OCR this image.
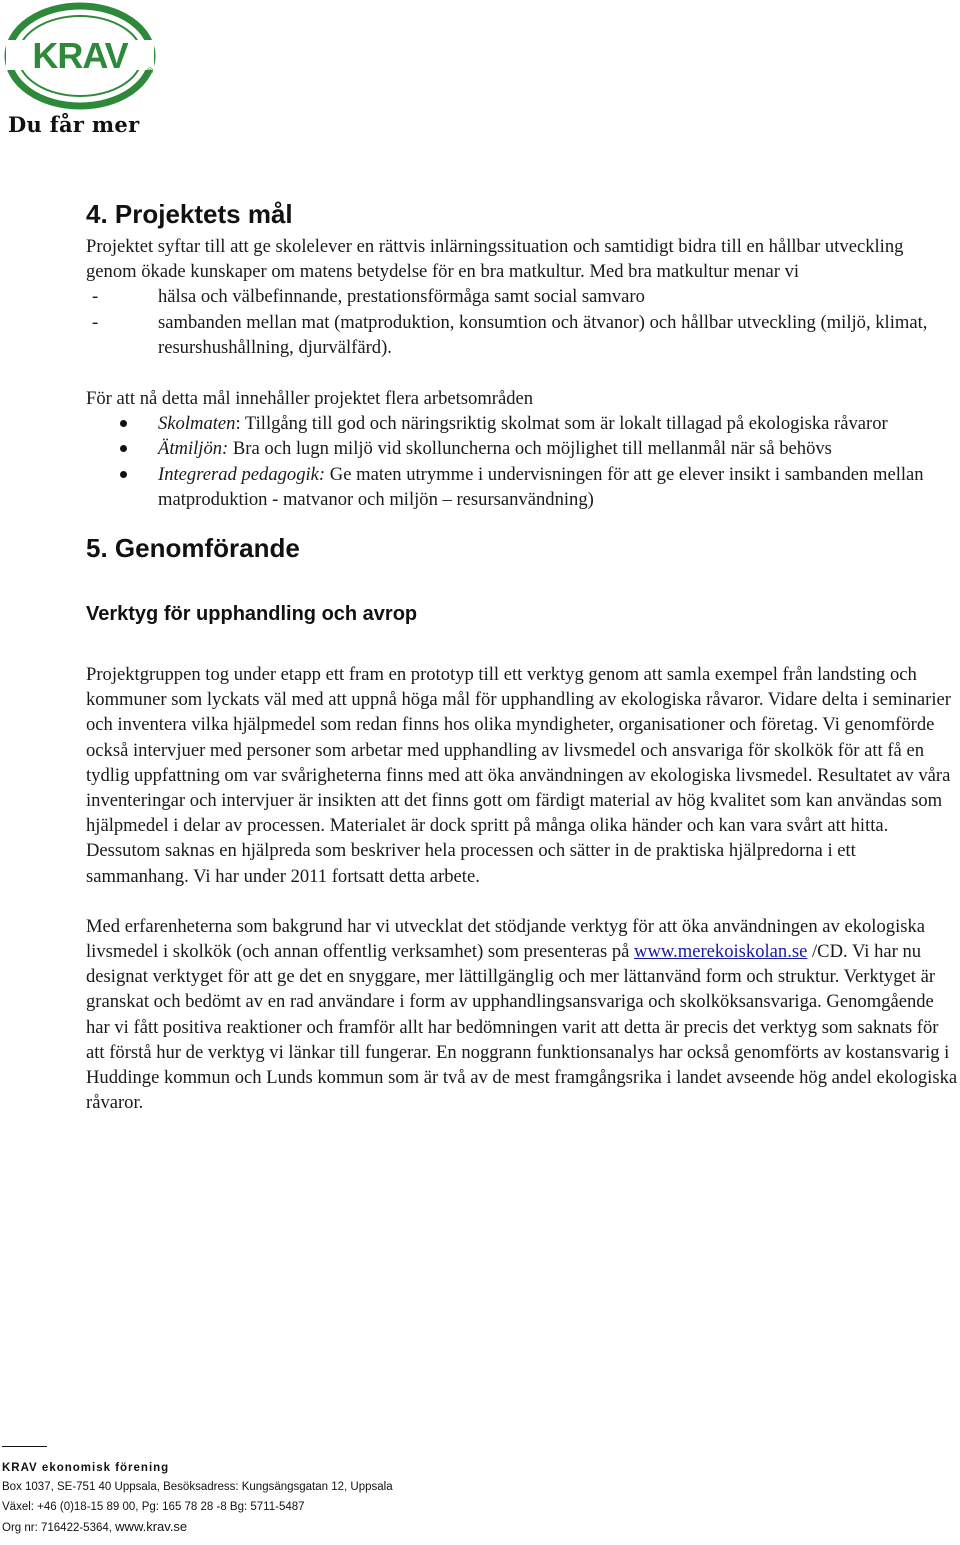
KRAV ®
Du får mer
4. Projektets mål

Projektet syftar till att ge skolelever en rättvis inlärningssituation och samtidigt bidra till en hållbar utveckling genom ökade kunskaper om matens betydelse för en bra matkultur. Med bra matkultur menar vi

-	hälsa och välbefinnande, prestationsförmåga samt social samvaro
-	sambanden mellan mat (matproduktion, konsumtion och ätvanor) och hållbar utveckling (miljö, klimat, resurshushållning, djurvälfärd).

För att nå detta mål innehåller projektet flera arbetsområden

Skolmaten: Tillgång till god och näringsriktig skolmat som är lokalt tillagad på ekologiska råvaror
Ätmiljön: Bra och lugn miljö vid skolluncherna och möjlighet till mellanmål när så behövs
Integrerad pedagogik: Ge maten utrymme i undervisningen för att ge elever insikt i sambanden mellan matproduktion - matvanor och miljön – resursanvändning)
5. Genomförande
Verktyg för upphandling och avrop

Projektgruppen tog under etapp ett fram en prototyp till ett verktyg genom att samla exempel från landsting och kommuner som lyckats väl med att uppnå höga mål för upphandling av ekologiska råvaror. Vidare delta i seminarier och inventera vilka hjälpmedel som redan finns hos olika myndigheter, organisationer och företag. Vi genomförde också intervjuer med personer som arbetar med upphandling av livsmedel och ansvariga för skolkök för att få en tydlig uppfattning om var svårigheterna finns med att öka användningen av ekologiska livsmedel. Resultatet av våra inventeringar och intervjuer är insikten att det finns gott om färdigt material av hög kvalitet som kan användas som hjälpmedel i delar av processen. Materialet är dock spritt på många olika händer och kan vara svårt att hitta. Dessutom saknas en hjälpreda som beskriver hela processen och sätter in de praktiska hjälpredorna i ett sammanhang. Vi har under 2011 fortsatt detta arbete.

Med erfarenheterna som bakgrund har vi utvecklat det stödjande verktyg för att öka användningen av ekologiska livsmedel i skolkök (och annan offentlig verksamhet) som presenteras på www.merekoiskolan.se /CD. Vi har nu designat verktyget för att ge det en snyggare, mer lättillgänglig och mer lättanvänd form och struktur. Verktyget är granskat och bedömt av en rad användare i form av upphandlingsansvariga och skolköksansvariga. Genomgående har vi fått positiva reaktioner och framför allt har bedömningen varit att detta är precis det verktyg som saknats för att förstå hur de verktyg vi länkar till fungerar. En noggrann funktionsanalys har också genomförts av kostansvarig i Huddinge kommun och Lunds kommun som är två av de mest framgångsrika i landet avseende hög andel ekologiska råvaror.

KRAV ekonomisk förening
Box 1037, SE-751 40 Uppsala, Besöksadress: Kungsängsgatan 12, Uppsala
Växel: +46 (0)18-15 89 00, Pg: 165 78 28 -8 Bg: 5711-5487
Org nr: 716422-5364, www.krav.se
